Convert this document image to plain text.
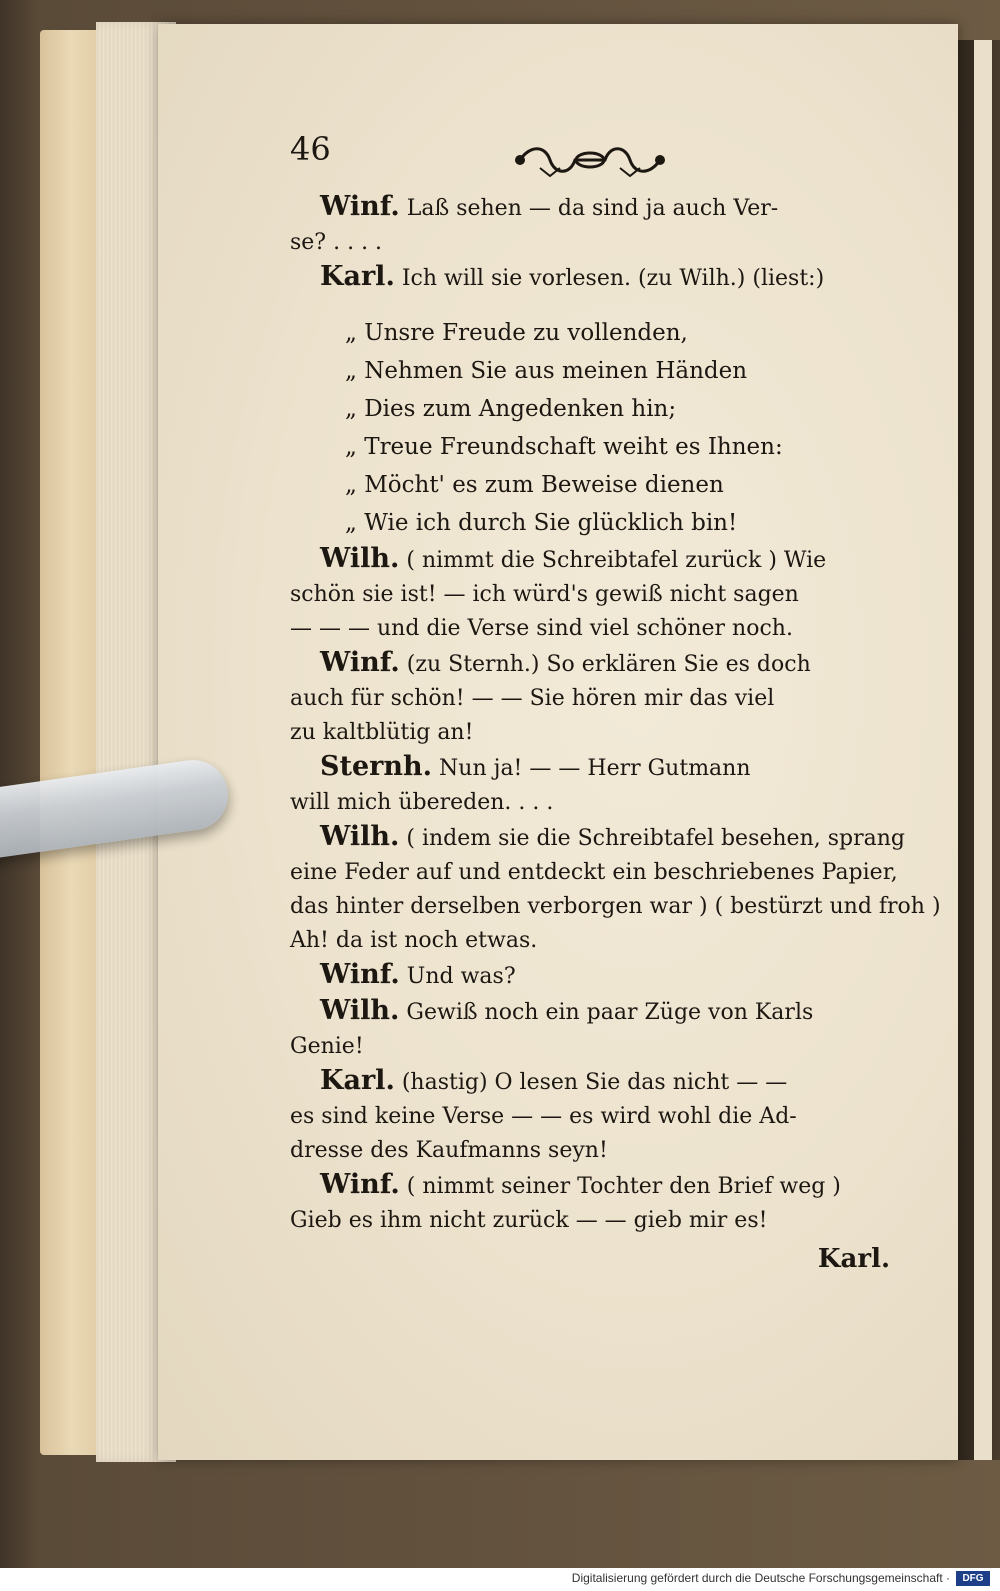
46
Winf. Laß sehen — da sind ja auch Ver-
se? . . . .
Karl. Ich will sie vorlesen. (zu Wilh.) (liest:)
„ Unsre Freude zu vollenden,
„ Nehmen Sie aus meinen Händen
„ Dies zum Angedenken hin;
„ Treue Freundschaft weiht es Ihnen:
„ Möcht' es zum Beweise dienen
„ Wie ich durch Sie glücklich bin!
Wilh. ( nimmt die Schreibtafel zurück ) Wie
schön sie ist! — ich würd's gewiß nicht sagen
— — — und die Verse sind viel schöner noch.
Winf. (zu Sternh.) So erklären Sie es doch
auch für schön! — — Sie hören mir das viel
zu kaltblütig an!
Sternh. Nun ja! — — Herr Gutmann
will mich übereden. . . .
Wilh. ( indem sie die Schreibtafel besehen, sprang
eine Feder auf und entdeckt ein beschriebenes Papier,
das hinter derselben verborgen war ) ( bestürzt und froh )
Ah! da ist noch etwas.
Winf. Und was?
Wilh. Gewiß noch ein paar Züge von Karls
Genie!
Karl. (hastig) O lesen Sie das nicht — —
es sind keine Verse — — es wird wohl die Ad-
dresse des Kaufmanns seyn!
Winf. ( nimmt seiner Tochter den Brief weg )
Gieb es ihm nicht zurück — — gieb mir es!
Karl.
Digitalisierung gefördert durch die Deutsche Forschungsgemeinschaft ·	DFG
